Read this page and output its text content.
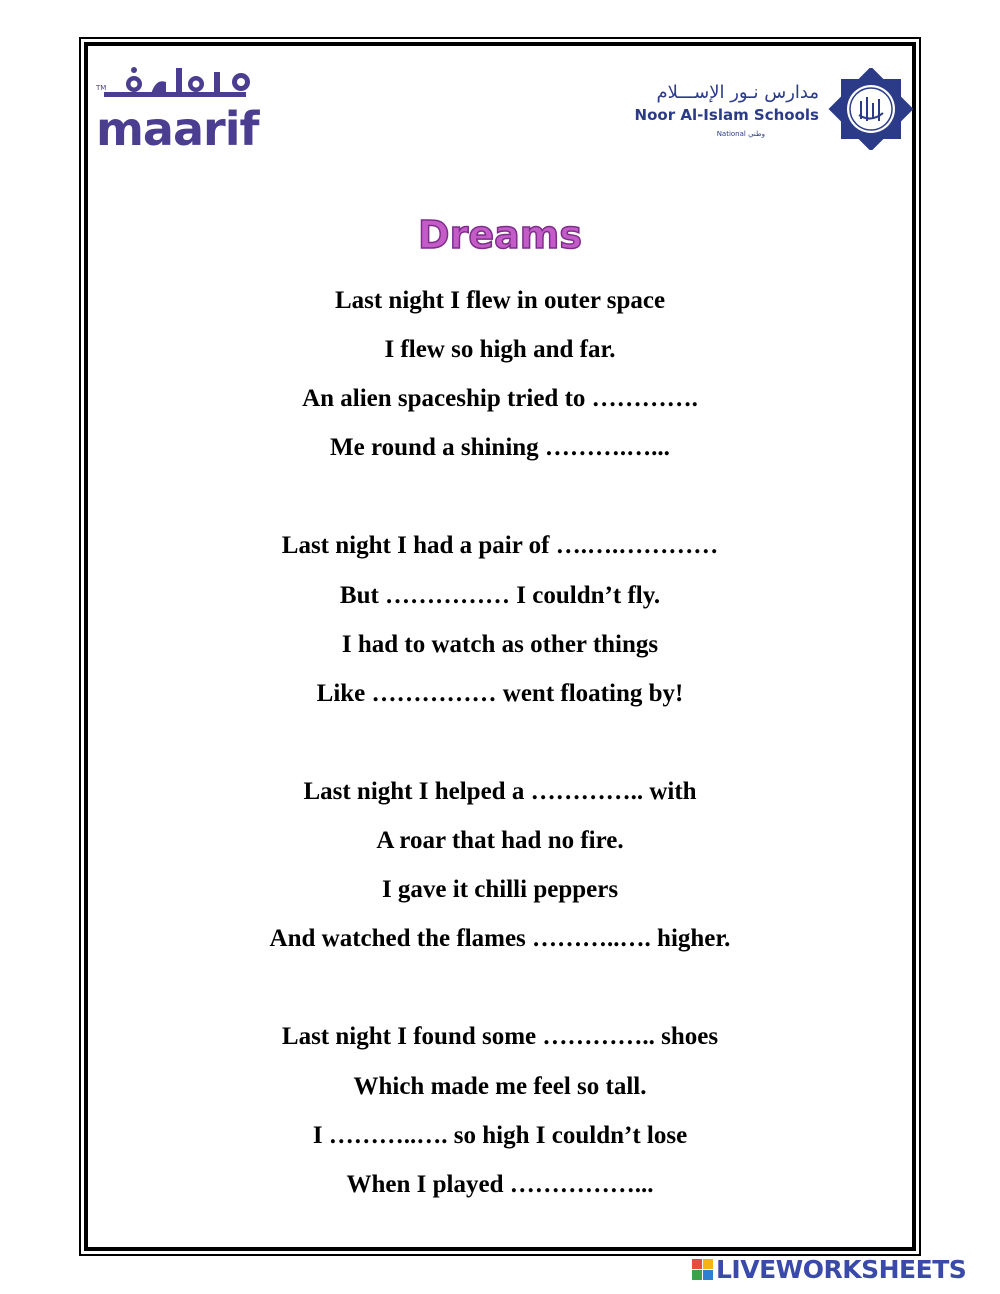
TM
maarif
مدارس نـور الإســـلام
Noor Al-Islam Schools
National وطني
Dreams
Last night I flew in outer space
I flew so high and far.
An alien spaceship tried to ………….
Me round a shining ……….…...
Last night I had a pair of ….….…………
But …………… I couldn’t fly.
I had to watch as other things
Like …………… went floating by!
Last night I helped a ………….. with
A roar that had no fire.
I gave it chilli peppers
And watched the flames ………..…. higher.
Last night I found some ………….. shoes
Which made me feel so tall.
I ………..…. so high I couldn’t lose
When I played ……………...
LIVEWORKSHEETS
